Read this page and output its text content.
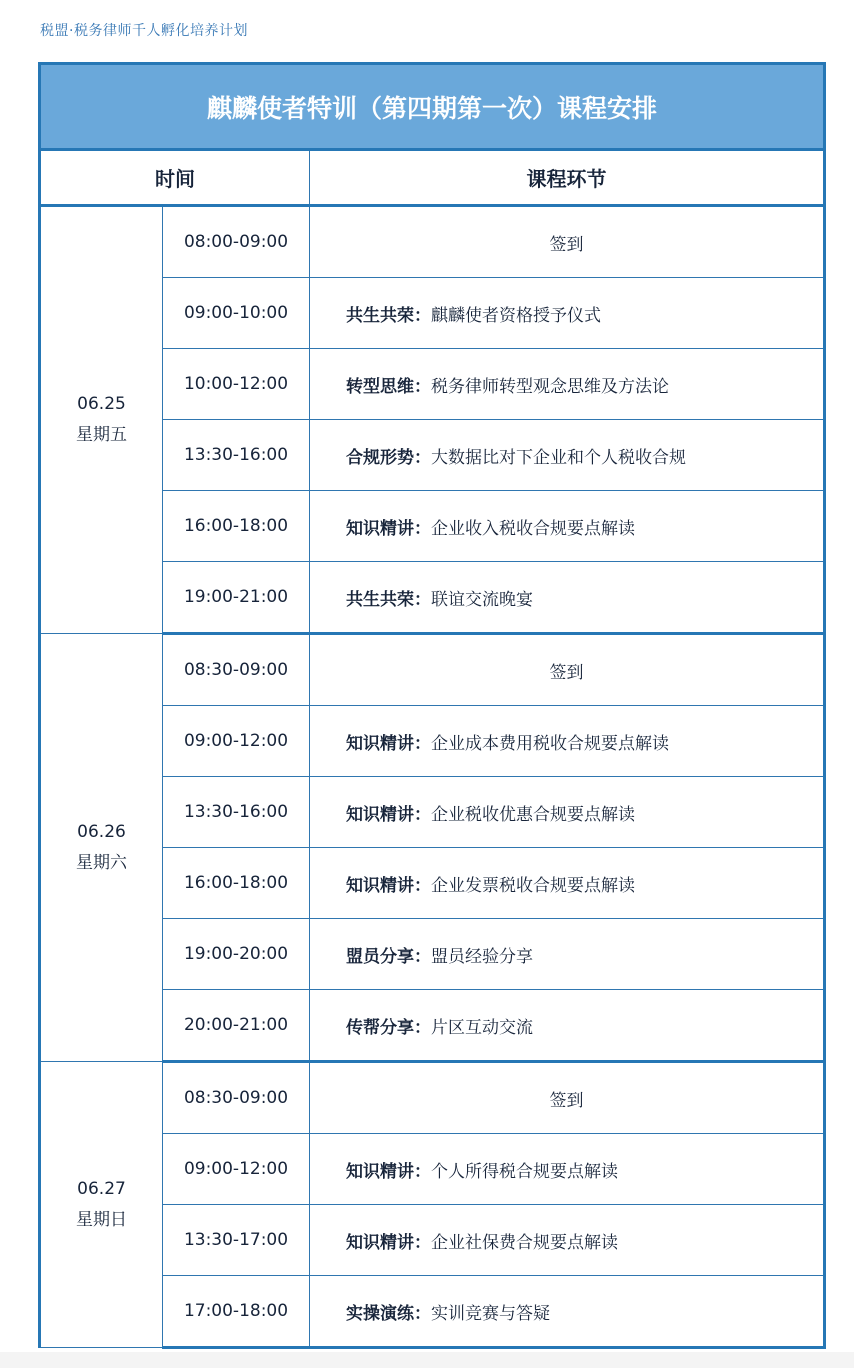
税盟·税务律师千人孵化培养计划
麒麟使者特训（第四期第一次）课程安排		
时间		课程环节

06.25
星期五	08:00-09:00	签到
	09:00-10:00	共生共荣：麒麟使者资格授予仪式
	10:00-12:00	转型思维：税务律师转型观念思维及方法论
	13:30-16:00	合规形势：大数据比对下企业和个人税收合规
	16:00-18:00	知识精讲：企业收入税收合规要点解读
	19:00-21:00	共生共荣：联谊交流晚宴

06.26
星期六	08:30-09:00	签到
	09:00-12:00	知识精讲：企业成本费用税收合规要点解读
	13:30-16:00	知识精讲：企业税收优惠合规要点解读
	16:00-18:00	知识精讲：企业发票税收合规要点解读
	19:00-20:00	盟员分享：盟员经验分享
	20:00-21:00	传帮分享：片区互动交流

06.27
星期日	08:30-09:00	签到
	09:00-12:00	知识精讲：个人所得税合规要点解读
	13:30-17:00	知识精讲：企业社保费合规要点解读
	17:00-18:00	实操演练：实训竞赛与答疑
